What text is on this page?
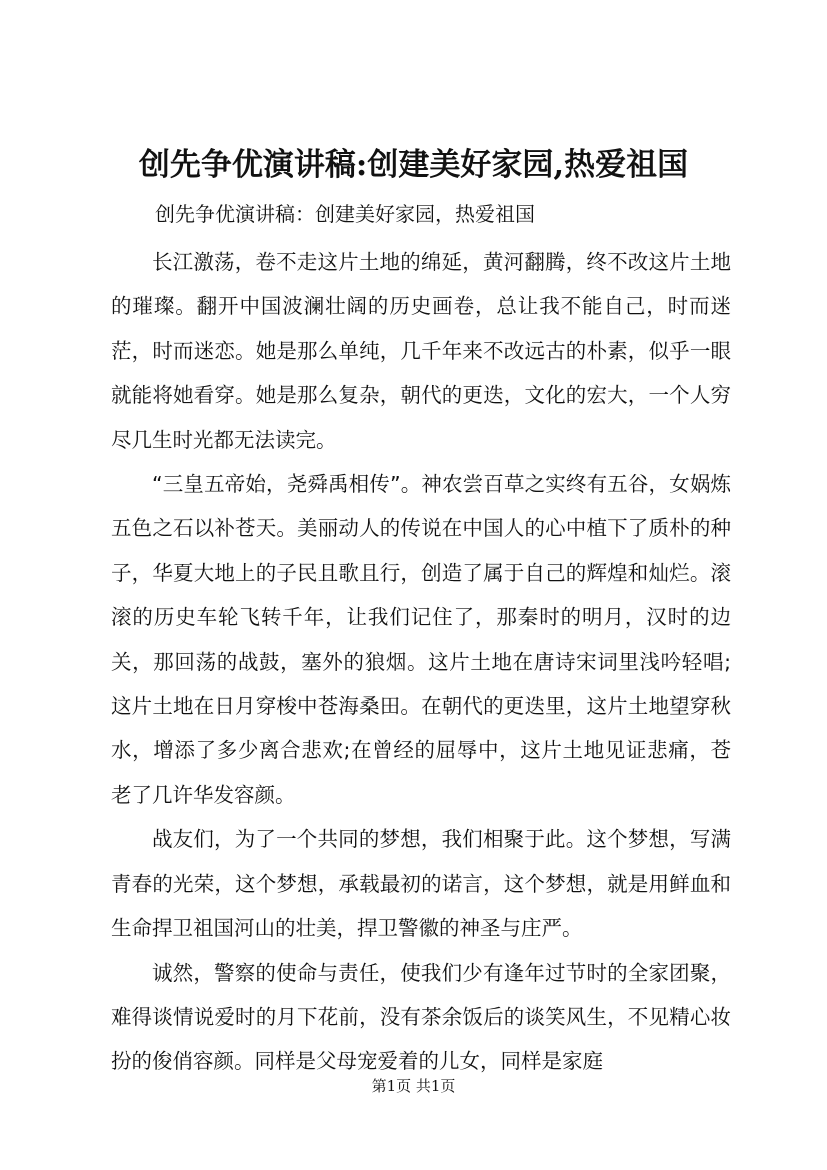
创先争优演讲稿:创建美好家园,热爱祖国
创先争优演讲稿：创建美好家园，热爱祖国

长江激荡，卷不走这片土地的绵延，黄河翻腾，终不改这片土地的璀璨。翻开中国波澜壮阔的历史画卷，总让我不能自己，时而迷茫，时而迷恋。她是那么单纯，几千年来不改远古的朴素，似乎一眼就能将她看穿。她是那么复杂，朝代的更迭，文化的宏大，一个人穷尽几生时光都无法读完。

“三皇五帝始，尧舜禹相传”。神农尝百草之实终有五谷，女娲炼五色之石以补苍天。美丽动人的传说在中国人的心中植下了质朴的种子，华夏大地上的子民且歌且行，创造了属于自己的辉煌和灿烂。滚滚的历史车轮飞转千年，让我们记住了，那秦时的明月，汉时的边关，那回荡的战鼓，塞外的狼烟。这片土地在唐诗宋词里浅吟轻唱;这片土地在日月穿梭中苍海桑田。在朝代的更迭里，这片土地望穿秋水，增添了多少离合悲欢;在曾经的屈辱中，这片土地见证悲痛，苍老了几许华发容颜。

战友们，为了一个共同的梦想，我们相聚于此。这个梦想，写满青春的光荣，这个梦想，承载最初的诺言，这个梦想，就是用鲜血和生命捍卫祖国河山的壮美，捍卫警徽的神圣与庄严。

诚然，警察的使命与责任，使我们少有逢年过节时的全家团聚，难得谈情说爱时的月下花前，没有茶余饭后的谈笑风生，不见精心妆扮的俊俏容颜。同样是父母宠爱着的儿女，同样是家庭

第1页 共1页
